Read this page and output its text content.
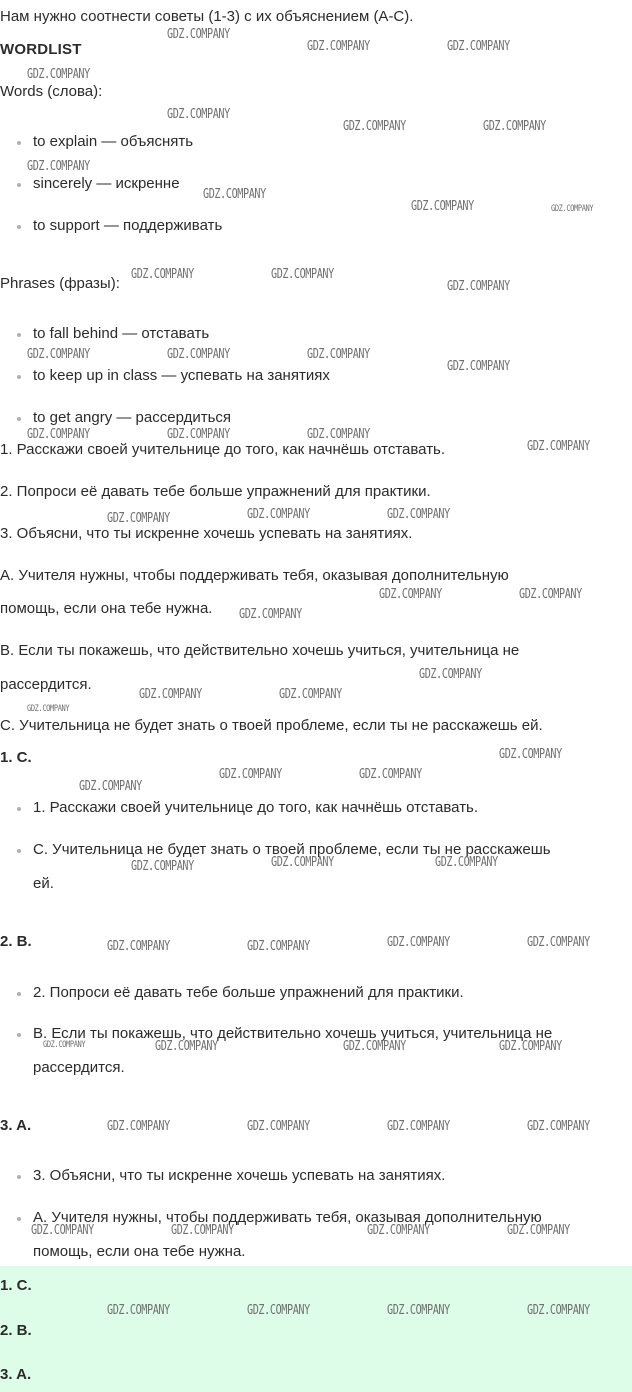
Нам нужно соотнести советы (1-3) с их объяснением (A-C).
WORDLIST
Words (слова):
to explain — объяснять
sincerely — искренне
to support — поддерживать
Phrases (фразы):
to fall behind — отставать
to keep up in class — успевать на занятиях
to get angry — рассердиться
1. Расскажи своей учительнице до того, как начнёшь отставать.
2. Попроси её давать тебе больше упражнений для практики.
3. Объясни, что ты искренне хочешь успевать на занятиях.
A. Учителя нужны, чтобы поддерживать тебя, оказывая дополнительную
помощь, если она тебе нужна.
B. Если ты покажешь, что действительно хочешь учиться, учительница не
рассердится.
C. Учительница не будет знать о твоей проблеме, если ты не расскажешь ей.
1. C.
1. Расскажи своей учительнице до того, как начнёшь отставать.
C. Учительница не будет знать о твоей проблеме, если ты не расскажешь
ей.
2. B.
2. Попроси её давать тебе больше упражнений для практики.
B. Если ты покажешь, что действительно хочешь учиться, учительница не
рассердится.
3. A.
3. Объясни, что ты искренне хочешь успевать на занятиях.
A. Учителя нужны, чтобы поддерживать тебя, оказывая дополнительную
помощь, если она тебе нужна.
1. C.
2. B.
3. A.
GDZ.COMPANY
GDZ.COMPANY	GDZ.COMPANY
GDZ.COMPANY
GDZ.COMPANY
GDZ.COMPANY	GDZ.COMPANY
GDZ.COMPANY
GDZ.COMPANY
GDZ.COMPANY	GDZ.COMPANY
GDZ.COMPANY	GDZ.COMPANY
GDZ.COMPANY
GDZ.COMPANY	GDZ.COMPANY	GDZ.COMPANY
GDZ.COMPANY
GDZ.COMPANY	GDZ.COMPANY	GDZ.COMPANY
GDZ.COMPANY
GDZ.COMPANY	GDZ.COMPANY	GDZ.COMPANY
GDZ.COMPANY	GDZ.COMPANY
GDZ.COMPANY
GDZ.COMPANY
GDZ.COMPANY	GDZ.COMPANY
GDZ.COMPANY
GDZ.COMPANY
GDZ.COMPANY	GDZ.COMPANY
GDZ.COMPANY
GDZ.COMPANY	GDZ.COMPANY
GDZ.COMPANY
GDZ.COMPANY	GDZ.COMPANY
GDZ.COMPANY	GDZ.COMPANY
GDZ.COMPANY	GDZ.COMPANY	GDZ.COMPANY	GDZ.COMPANY
GDZ.COMPANY	GDZ.COMPANY	GDZ.COMPANY	GDZ.COMPANY
GDZ.COMPANY	GDZ.COMPANY	GDZ.COMPANY	GDZ.COMPANY
GDZ.COMPANY	GDZ.COMPANY	GDZ.COMPANY	GDZ.COMPANY
